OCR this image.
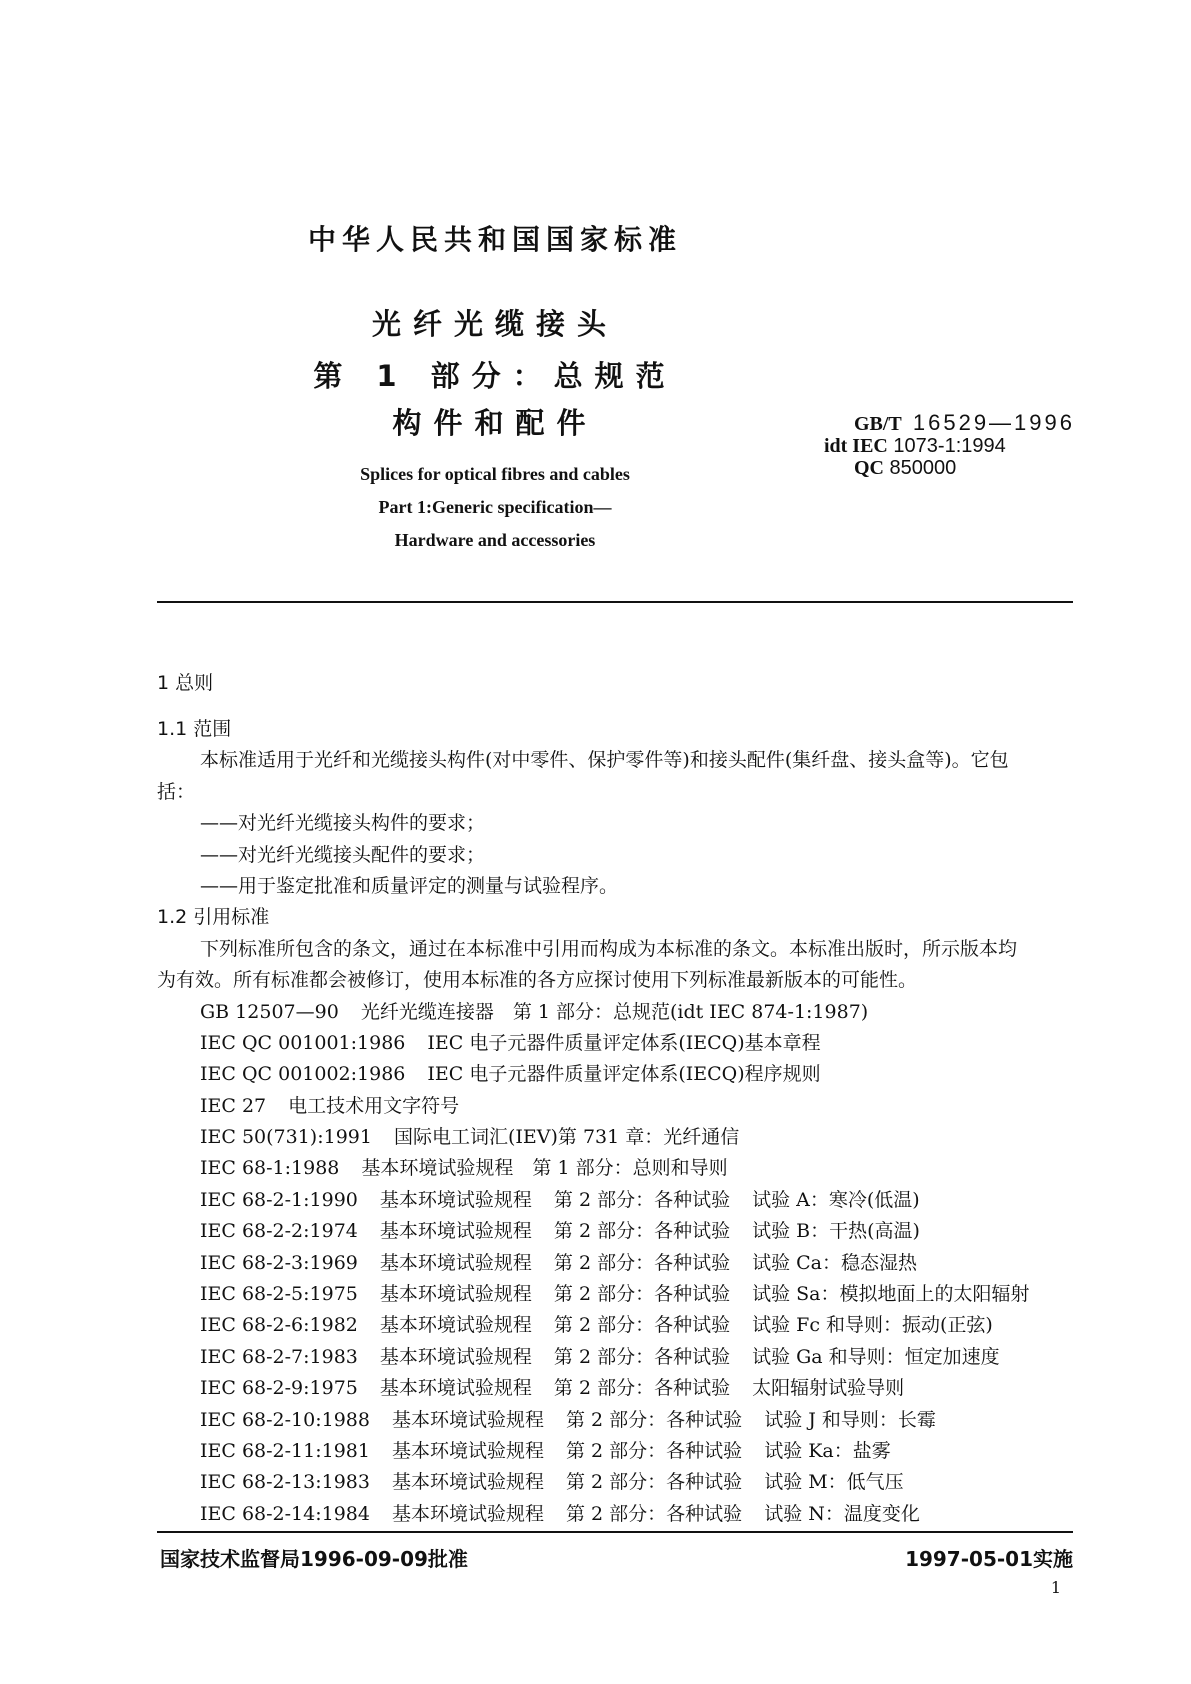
中华人民共和国国家标准
光纤光缆接头
第 1 部分：总规范
构件和配件	GB/T 16529—1996
idt IEC 1073-1:1994
QC 850000
Splices for optical fibres and cables
Part 1:Generic specification—
Hardware and accessories
1 总则
1.1 范围
本标准适用于光纤和光缆接头构件(对中零件、保护零件等)和接头配件(集纤盘、接头盒等)。它包
括：
——对光纤光缆接头构件的要求；
——对光纤光缆接头配件的要求；
——用于鉴定批准和质量评定的测量与试验程序。
1.2 引用标准
下列标准所包含的条文，通过在本标准中引用而构成为本标准的条文。本标准出版时，所示版本均
为有效。所有标准都会被修订，使用本标准的各方应探讨使用下列标准最新版本的可能性。
GB 12507—90 光纤光缆连接器　第 1 部分：总规范(idt IEC 874-1:1987)
IEC QC 001001:1986 IEC 电子元器件质量评定体系(IECQ)基本章程
IEC QC 001002:1986 IEC 电子元器件质量评定体系(IECQ)程序规则
IEC 27 电工技术用文字符号
IEC 50(731):1991 国际电工词汇(IEV)第 731 章：光纤通信
IEC 68-1:1988 基本环境试验规程　第 1 部分：总则和导则
IEC 68-2-1:1990 基本环境试验规程 第 2 部分：各种试验 试验 A：寒冷(低温)
IEC 68-2-2:1974 基本环境试验规程 第 2 部分：各种试验 试验 B：干热(高温)
IEC 68-2-3:1969 基本环境试验规程 第 2 部分：各种试验 试验 Ca：稳态湿热
IEC 68-2-5:1975 基本环境试验规程 第 2 部分：各种试验 试验 Sa：模拟地面上的太阳辐射
IEC 68-2-6:1982 基本环境试验规程 第 2 部分：各种试验 试验 Fc 和导则：振动(正弦)
IEC 68-2-7:1983 基本环境试验规程 第 2 部分：各种试验 试验 Ga 和导则：恒定加速度
IEC 68-2-9:1975 基本环境试验规程 第 2 部分：各种试验 太阳辐射试验导则
IEC 68-2-10:1988 基本环境试验规程 第 2 部分：各种试验 试验 J 和导则：长霉
IEC 68-2-11:1981 基本环境试验规程 第 2 部分：各种试验 试验 Ka：盐雾
IEC 68-2-13:1983 基本环境试验规程 第 2 部分：各种试验 试验 M：低气压
IEC 68-2-14:1984 基本环境试验规程 第 2 部分：各种试验 试验 N：温度变化
国家技术监督局1996-09-09批准	1997-05-01实施
1
